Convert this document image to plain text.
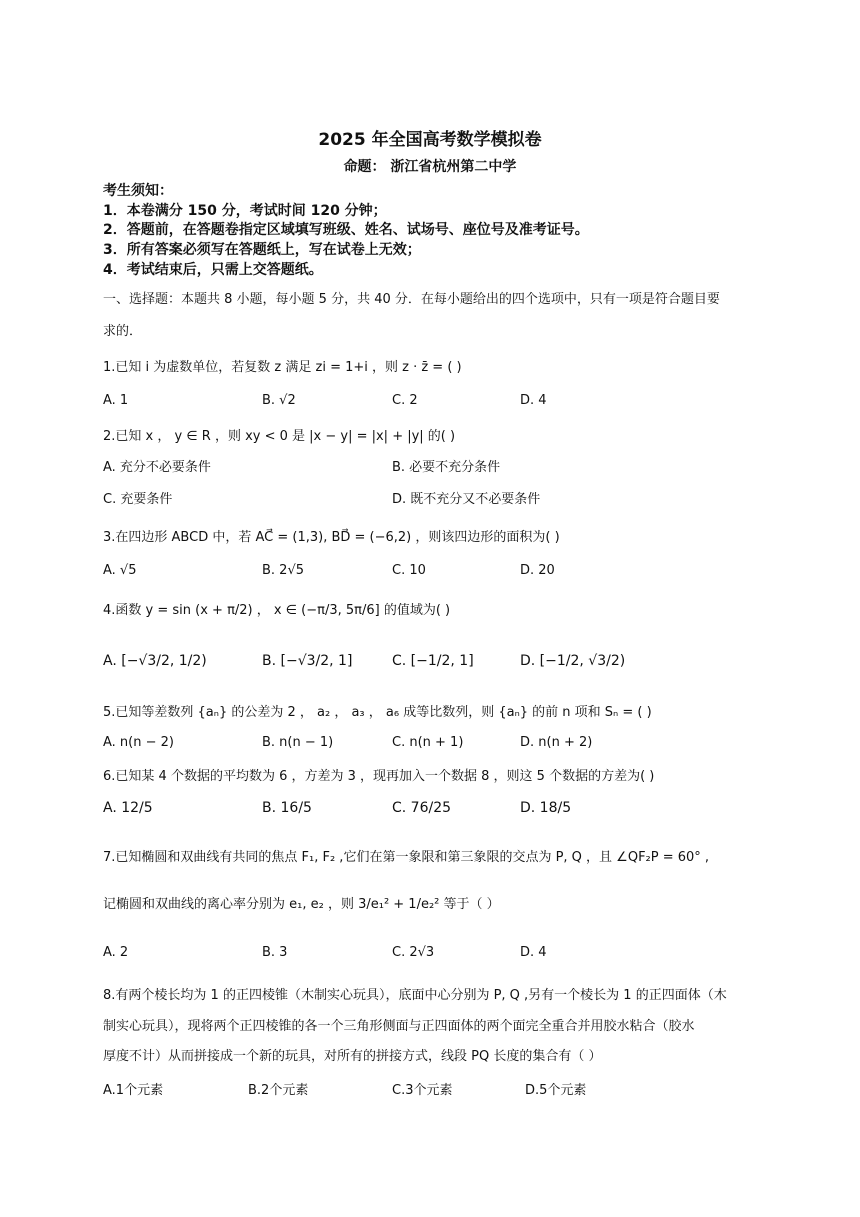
2025 年全国高考数学模拟卷
命题： 浙江省杭州第二中学
考生须知：
1．本卷满分 150 分，考试时间 120 分钟；
2．答题前，在答题卷指定区域填写班级、姓名、试场号、座位号及准考证号。
3．所有答案必须写在答题纸上，写在试卷上无效；
4．考试结束后，只需上交答题纸。
一、选择题：本题共 8 小题，每小题 5 分，共 40 分．在每小题给出的四个选项中，只有一项是符合题目要
求的．
1.已知 i 为虚数单位，若复数 z 满足 zi = 1+i ，则 z · z̄ = ( )
A. 1	B. √2	C. 2	D. 4
2.已知 x ， y ∈ R ，则 xy < 0 是 |x − y| = |x| + |y| 的( )
A. 充分不必要条件	B. 必要不充分条件
C. 充要条件	D. 既不充分又不必要条件
3.在四边形 ABCD 中，若 AC⃗ = (1,3), BD⃗ = (−6,2) ，则该四边形的面积为( )
A. √5	B. 2√5	C. 10	D. 20
4.函数 y = sin (x + π/2) ， x ∈ (−π/3, 5π/6] 的值域为( )
A. [−√3/2, 1/2)	B. [−√3/2, 1]	C. [−1/2, 1]	D. [−1/2, √3/2)
5.已知等差数列 {aₙ} 的公差为 2 ， a₂ ， a₃ ， a₆ 成等比数列，则 {aₙ} 的前 n 项和 Sₙ = ( )
A. n(n − 2)	B. n(n − 1)	C. n(n + 1)	D. n(n + 2)
6.已知某 4 个数据的平均数为 6 ，方差为 3 ，现再加入一个数据 8 ，则这 5 个数据的方差为( )
A. 12/5	B. 16/5	C. 76/25	D. 18/5
7.已知椭圆和双曲线有共同的焦点 F₁, F₂ ,它们在第一象限和第三象限的交点为 P, Q ，且 ∠QF₂P = 60° ,
记椭圆和双曲线的离心率分别为 e₁, e₂ ，则 3/e₁² + 1/e₂² 等于（ ）
A. 2	B. 3	C. 2√3	D. 4
8.有两个棱长均为 1 的正四棱锥（木制实心玩具），底面中心分别为 P, Q ,另有一个棱长为 1 的正四面体（木
制实心玩具），现将两个正四棱锥的各一个三角形侧面与正四面体的两个面完全重合并用胶水粘合（胶水
厚度不计）从而拼接成一个新的玩具，对所有的拼接方式，线段 PQ 长度的集合有（ ）
A.1个元素	B.2个元素	C.3个元素	D.5个元素
